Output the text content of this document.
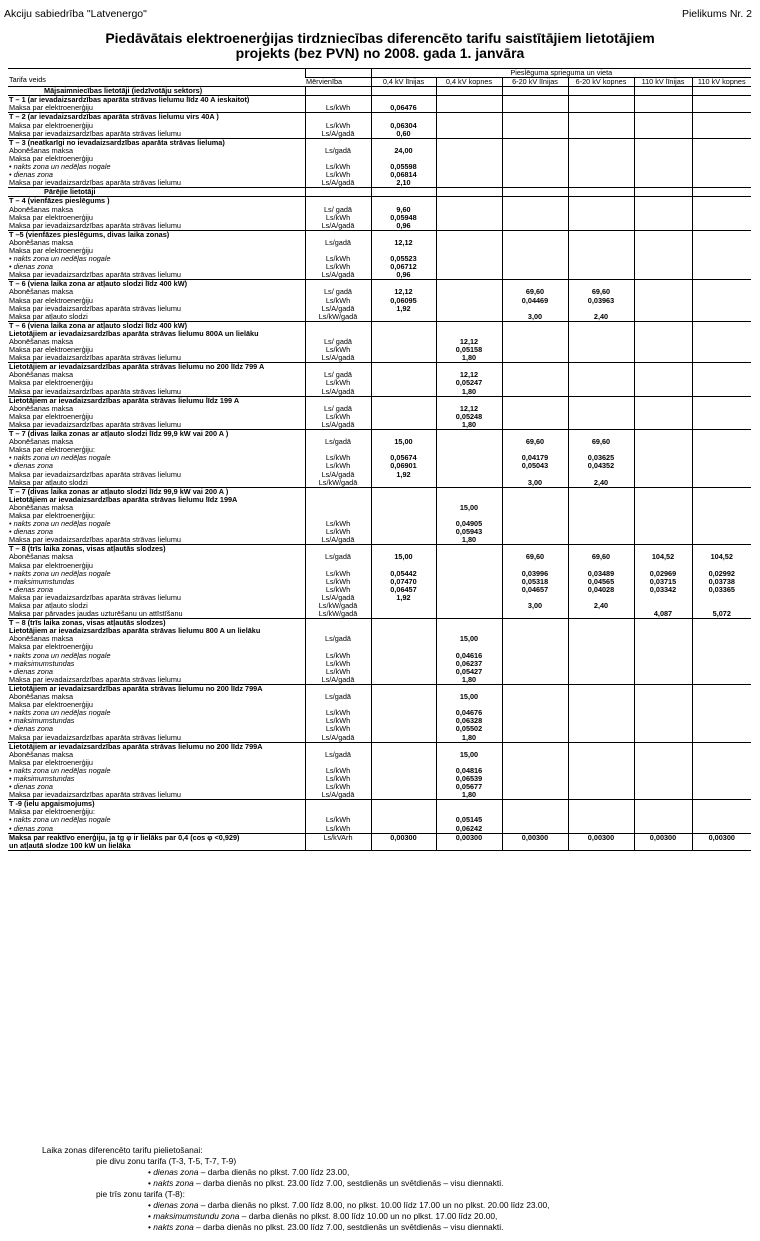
Akciju sabiedrība "Latvenergo"	Pielikums Nr. 2
Piedāvātais elektroenerģijas tirdzniecības diferencēto tarifu saistītājiem lietotājiem
projekts (bez PVN) no 2008. gada 1. janvāra
Tarifa veids		Pieslēguma sprieguma un vieta					
	Mērvienība	0,4 kV līnijas	0,4 kV kopnes	6-20 kV līnijas	6-20 kV kopnes	110 kV līnijas	110 kV kopnes
Mājsaimniecības lietotāji (iedzīvotāju sektors)							
T – 1 (ar ievadaizsardzības aparāta strāvas lielumu līdz 40 A ieskaitot)							
Maksa par elektroenerģiju	Ls/kWh	0,06476					
T – 2 (ar ievadaizsardzības aparāta strāvas lielumu virs 40A )							
Maksa par elektroenerģiju	Ls/kWh	0,06304					
Maksa par ievadaizsardzības aparāta strāvas lielumu	Ls/A/gadā	0,60					
T – 3 (neatkarīgi no ievadaizsardzības aparāta strāvas lieluma)							
Abonēšanas maksa	Ls/gadā	24,00					
Maksa par elektroenerģiju							
• nakts zona un nedēļas nogale	Ls/kWh	0,05598					
• dienas zona	Ls/kWh	0,06814					
Maksa par ievadaizsardzības aparāta strāvas lielumu	Ls/A/gadā	2,10					
Pārējie lietotāji							
T – 4 (vienfāzes pieslēgums )							
Abonēšanas maksa	Ls/ gadā	9,60					
Maksa par elektroenerģiju	Ls/kWh	0,05948					
Maksa par ievadaizsardzības aparāta strāvas lielumu	Ls/A/gadā	0,96					
T –5 (vienfāzes pieslēgums, divas laika zonas)							
Abonēšanas maksa	Ls/gadā	12,12					
Maksa par elektroenerģiju							
• nakts zona un nedēļas nogale	Ls/kWh	0,05523					
• dienas zona	Ls/kWh	0,06712					
Maksa par ievadaizsardzības aparāta strāvas lielumu	Ls/A/gadā	0,96					
T – 6 (viena laika zona ar atļauto slodzi līdz 400 kW)							
Abonēšanas maksa	Ls/ gadā	12,12		69,60	69,60		
Maksa par elektroenerģiju	Ls/kWh	0,06095		0,04469	0,03963		
Maksa par ievadaizsardzības aparāta strāvas lielumu	Ls/A/gadā	1,92					
Maksa par atļauto slodzi	Ls/kW/gadā			3,00	2,40		
T – 6 (viena laika zona ar atļauto slodzi līdz 400 kW)							
Lietotājiem ar ievadaizsardzības aparāta strāvas lielumu 800A un lielāku							
Abonēšanas maksa	Ls/ gadā		12,12				
Maksa par elektroenerģiju	Ls/kWh		0,05158				
Maksa par ievadaizsardzības aparāta strāvas lielumu	Ls/A/gadā		1,80				
Lietotājiem ar ievadaizsardzības aparāta strāvas lielumu no 200 līdz 799 A							
Abonēšanas maksa	Ls/ gadā		12,12				
Maksa par elektroenerģiju	Ls/kWh		0,05247				
Maksa par ievadaizsardzības aparāta strāvas lielumu	Ls/A/gadā		1,80				
Lietotājiem ar ievadaizsardzības aparāta strāvas lielumu līdz 199 A							
Abonēšanas maksa	Ls/ gadā		12,12				
Maksa par elektroenerģiju	Ls/kWh		0,05248				
Maksa par ievadaizsardzības aparāta strāvas lielumu	Ls/A/gadā		1,80				
T – 7 (divas laika zonas ar atļauto slodzi līdz 99,9 kW vai 200 A )							
Abonēšanas maksa	Ls/gadā	15,00		69,60	69,60		
Maksa par elektroenerģiju:							
• nakts zona un nedēļas nogale	Ls/kWh	0,05674		0,04179	0,03625		
• dienas zona	Ls/kWh	0,06901		0,05043	0,04352		
Maksa par ievadaizsardzības aparāta strāvas lielumu	Ls/A/gadā	1,92					
Maksa par atļauto slodzi	Ls/kW/gadā			3,00	2,40		
T – 7 (divas laika zonas ar atļauto slodzi līdz 99,9 kW vai 200 A )							
Lietotājiem ar ievadaizsardzības aparāta strāvas lielumu līdz 199A							
Abonēšanas maksa			15,00				
Maksa par elektroenerģiju:							
• nakts zona un nedēļas nogale	Ls/kWh		0,04905				
• dienas zona	Ls/kWh		0,05943				
Maksa par ievadaizsardzības aparāta strāvas lielumu	Ls/A/gadā		1,80				
T – 8 (trīs laika zonas, visas atļautās slodzes)							
Abonēšanas maksa	Ls/gadā	15,00		69,60	69,60	104,52	104,52
Maksa par elektroenerģiju							
• nakts zona un nedēļas nogale	Ls/kWh	0,05442		0,03996	0,03489	0,02969	0,02992
• maksimumstundas	Ls/kWh	0,07470		0,05318	0,04565	0,03715	0,03738
• dienas zona	Ls/kWh	0,06457		0,04657	0,04028	0,03342	0,03365
Maksa par ievadaizsardzības aparāta strāvas lielumu	Ls/A/gadā	1,92					
Maksa par atļauto slodzi	Ls/kW/gadā			3,00	2,40		
Maksa par pārvades jaudas uzturēšanu un attīstīšanu	Ls/kW/gadā					4,087	5,072
T – 8 (trīs laika zonas, visas atļautās slodzes)							
Lietotājiem ar ievadaizsardzības aparāta strāvas lielumu 800 A un lielāku							
Abonēšanas maksa	Ls/gadā		15,00				
Maksa par elektroenerģiju							
• nakts zona un nedēļas nogale	Ls/kWh		0,04616				
• maksimumstundas	Ls/kWh		0,06237				
• dienas zona	Ls/kWh		0,05427				
Maksa par ievadaizsardzības aparāta strāvas lielumu	Ls/A/gadā		1,80				
Lietotājiem ar ievadaizsardzības aparāta strāvas lielumu no 200 līdz 799A							
Abonēšanas maksa	Ls/gadā		15,00				
Maksa par elektroenerģiju							
• nakts zona un nedēļas nogale	Ls/kWh		0,04676				
• maksimumstundas	Ls/kWh		0,06328				
• dienas zona	Ls/kWh		0,05502				
Maksa par ievadaizsardzības aparāta strāvas lielumu	Ls/A/gadā		1,80				
Lietotājiem ar ievadaizsardzības aparāta strāvas lielumu no 200 līdz 799A							
Abonēšanas maksa	Ls/gadā		15,00				
Maksa par elektroenerģiju							
• nakts zona un nedēļas nogale	Ls/kWh		0,04816				
• maksimumstundas	Ls/kWh		0,06539				
• dienas zona	Ls/kWh		0,05677				
Maksa par ievadaizsardzības aparāta strāvas lielumu	Ls/A/gadā		1,80				
T -9 (ielu apgaismojums)							
Maksa par elektroenerģiju:							
• nakts zona un nedēļas nogale	Ls/kWh		0,05145				
• dienas zona	Ls/kWh		0,06242				
Maksa par reaktīvo enerģiju, ja tg φ ir lielāks par 0,4 (cos φ <0,929)	Ls/kVArh	0,00300	0,00300	0,00300	0,00300	0,00300	0,00300
un atļautā slodze 100 kW un lielāka							
Laika zonas diferencēto tarifu pielietošanai:
pie divu zonu tarifa (T-3, T-5, T-7, T-9)
• dienas zona – darba dienās no plkst. 7.00 līdz 23.00,
• nakts zona – darba dienās no plkst. 23.00 līdz 7.00, sestdienās un svētdienās – visu diennakti.
pie trīs zonu tarifa (T-8):
• dienas zona – darba dienās no plkst. 7.00 līdz 8.00, no plkst. 10.00 līdz 17.00 un no plkst. 20.00 līdz 23.00,
• maksimumstundu zona – darba dienās no plkst. 8.00 līdz 10.00 un no plkst. 17.00 līdz 20.00,
• nakts zona – darba dienās no plkst. 23.00 līdz 7.00, sestdienās un svētdienās – visu diennakti.
